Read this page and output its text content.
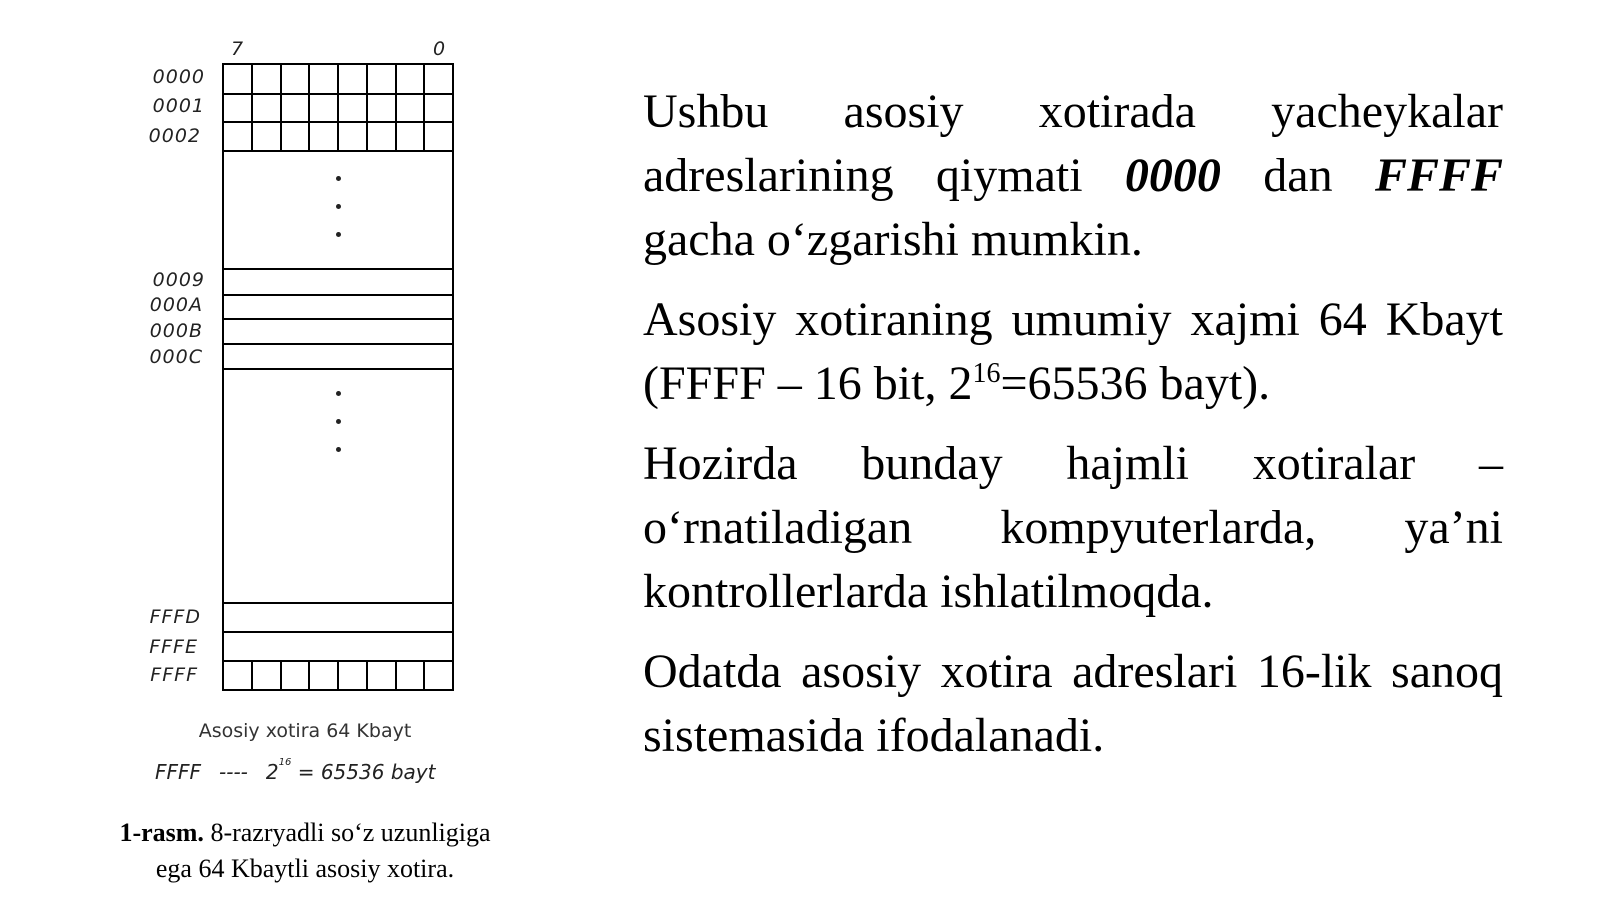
7	0
0000
0001
0002
0009
000A
000B
000C
FFFD
FFFE
FFFF
Asosiy xotira 64 Kbayt
FFFF ---- $2^{16} = 65536$ bayt
1-rasm. 8-razryadli so‘z uzunligiga
ega 64 Kbaytli asosiy xotira.
Ushbu asosiy xotirada yacheykalar adreslarining qiymati 0000 dan FFFF gacha o‘zgarishi mumkin.
Asosiy xotiraning umumiy xajmi 64 Kbayt (FFFF – 16 bit, $2^{16}=65536$ bayt).
Hozirda bunday hajmli xotiralar – o‘rnatiladigan kompyuterlarda, ya’ni kontrollerlarda ishlatilmoqda.
Odatda asosiy xotira adreslari 16-lik sanoq sistemasida ifodalanadi.
